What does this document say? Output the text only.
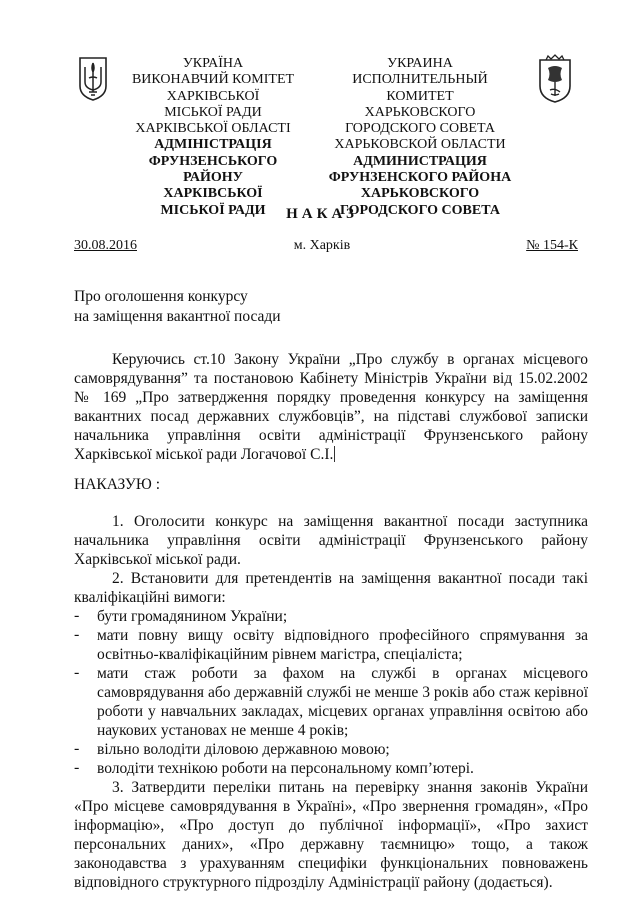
УКРАЇНА
ВИКОНАВЧИЙ КОМІТЕТ
ХАРКІВСЬКОЇ
МІСЬКОЇ РАДИ
ХАРКІВСЬКОЇ ОБЛАСТІ
АДМІНІСТРАЦІЯ
ФРУНЗЕНСЬКОГО РАЙОНУ
ХАРКІВСЬКОЇ
МІСЬКОЇ РАДИ
УКРАИНА
ИСПОЛНИТЕЛЬНЫЙ КОМИТЕТ
ХАРЬКОВСКОГО
ГОРОДСКОГО СОВЕТА
ХАРЬКОВСКОЙ ОБЛАСТИ
АДМИНИСТРАЦИЯ
ФРУНЗЕНСКОГО РАЙОНА
ХАРЬКОВСКОГО
ГОРОДСКОГО СОВЕТА
НАКАЗ
30.08.2016	м. Харків	№ 154-К
Про оголошення конкурсу
на заміщення вакантної посади

Керуючись ст.10 Закону України „Про службу в органах місцевого самоврядування” та постановою Кабінету Міністрів України від 15.02.2002 № 169 „Про затвердження порядку проведення конкурсу на заміщення вакантних посад державних службовців”, на підставі службової записки начальника управління освіти адміністрації Фрунзенського району Харківської міської ради Логачової С.І.

НАКАЗУЮ :

1. Оголосити конкурс на заміщення вакантної посади заступника начальника управління освіти адміністрації Фрунзенського району Харківської міської ради.

2. Встановити для претендентів на заміщення вакантної посади такі кваліфікаційні вимоги:

- бути громадянином України;

- мати повну вищу освіту відповідного професійного спрямування за освітньо-кваліфікаційним рівнем магістра, спеціаліста;

- мати стаж роботи за фахом на службі в органах місцевого самоврядування або державній службі не менше 3 років або стаж керівної роботи у навчальних закладах, місцевих органах управління освітою або наукових установах не менше 4 років;

- вільно володіти діловою державною мовою;

- володіти технікою роботи на персональному комп’ютері.

3. Затвердити переліки питань на перевірку знання законів України «Про місцеве самоврядування в Україні», «Про звернення громадян», «Про інформацію», «Про доступ до публічної інформації», «Про захист персональних даних», «Про державну таємницю» тощо, а також законодавства з урахуванням специфіки функціональних повноважень відповідного структурного підрозділу Адміністрації району (додається).
